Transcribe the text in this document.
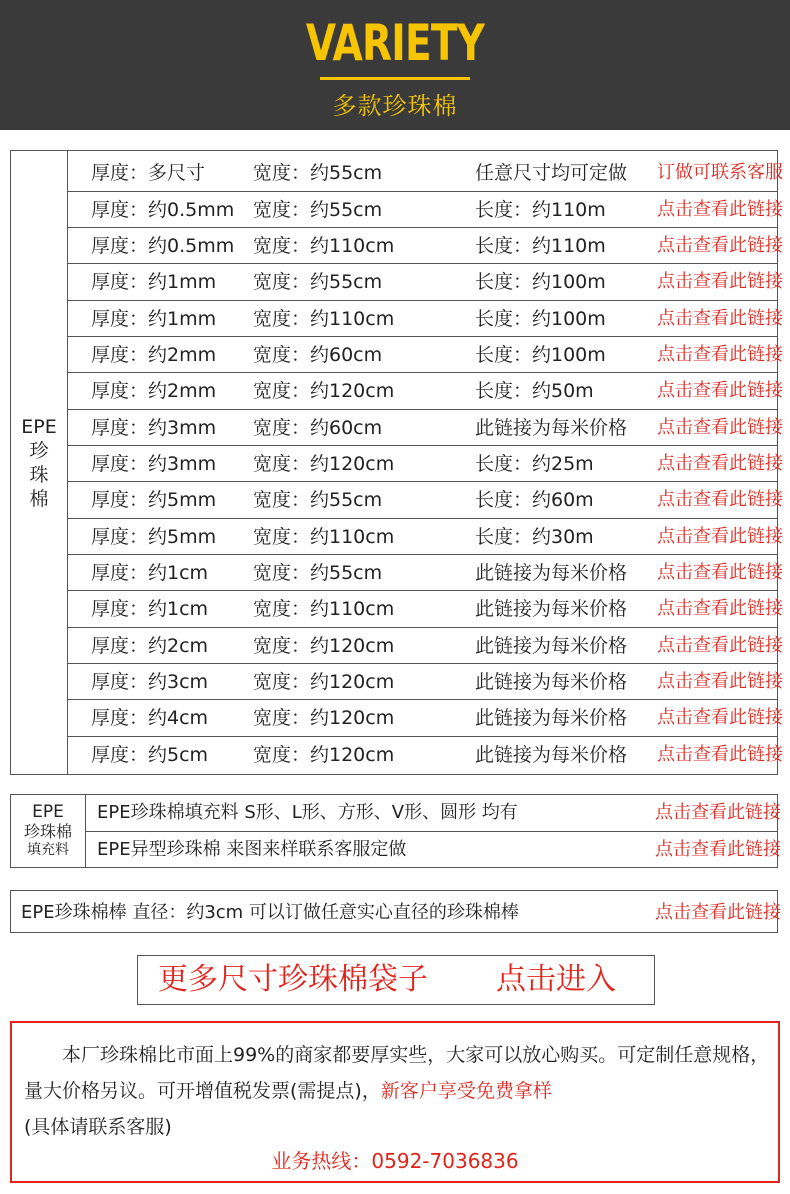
VARIETY
多款珍珠棉
EPE
珍
珠
棉
厚度：多尺寸	宽度：约55cm	任意尺寸均可定做 订做可联系客服
厚度：约0.5mm 宽度：约55cm	长度：约110m	点击查看此链接
厚度：约0.5mm 宽度：约110cm	长度：约110m	点击查看此链接
厚度：约1mm 宽度：约55cm	长度：约100m	点击查看此链接
厚度：约1mm 宽度：约110cm	长度：约100m	点击查看此链接
厚度：约2mm 宽度：约60cm	长度：约100m	点击查看此链接
厚度：约2mm 宽度：约120cm	长度：约50m	点击查看此链接
厚度：约3mm 宽度：约60cm	此链接为每米价格 点击查看此链接
厚度：约3mm 宽度：约120cm	长度：约25m	点击查看此链接
厚度：约5mm 宽度：约55cm	长度：约60m	点击查看此链接
厚度：约5mm 宽度：约110cm	长度：约30m	点击查看此链接
厚度：约1cm 宽度：约55cm	此链接为每米价格 点击查看此链接
厚度：约1cm 宽度：约110cm	此链接为每米价格 点击查看此链接
厚度：约2cm 宽度：约120cm	此链接为每米价格 点击查看此链接
厚度：约3cm 宽度：约120cm	此链接为每米价格 点击查看此链接
厚度：约4cm 宽度：约120cm	此链接为每米价格 点击查看此链接
厚度：约5cm 宽度：约120cm	此链接为每米价格 点击查看此链接
EPE
珍珠棉
填充料
EPE珍珠棉填充料 S形、L形、方形、V形、圆形 均有	点击查看此链接
EPE异型珍珠棉 来图来样联系客服定做	点击查看此链接
EPE珍珠棉棒 直径：约3cm 可以订做任意实心直径的珍珠棉棒	点击查看此链接
更多尺寸珍珠棉袋子 点击进入
本厂珍珠棉比市面上99%的商家都要厚实些，大家可以放心购买。可定制任意规格，量大价格另议。可开增值税发票(需提点)，新客户享受免费拿样
(具体请联系客服)
业务热线：0592-7036836
